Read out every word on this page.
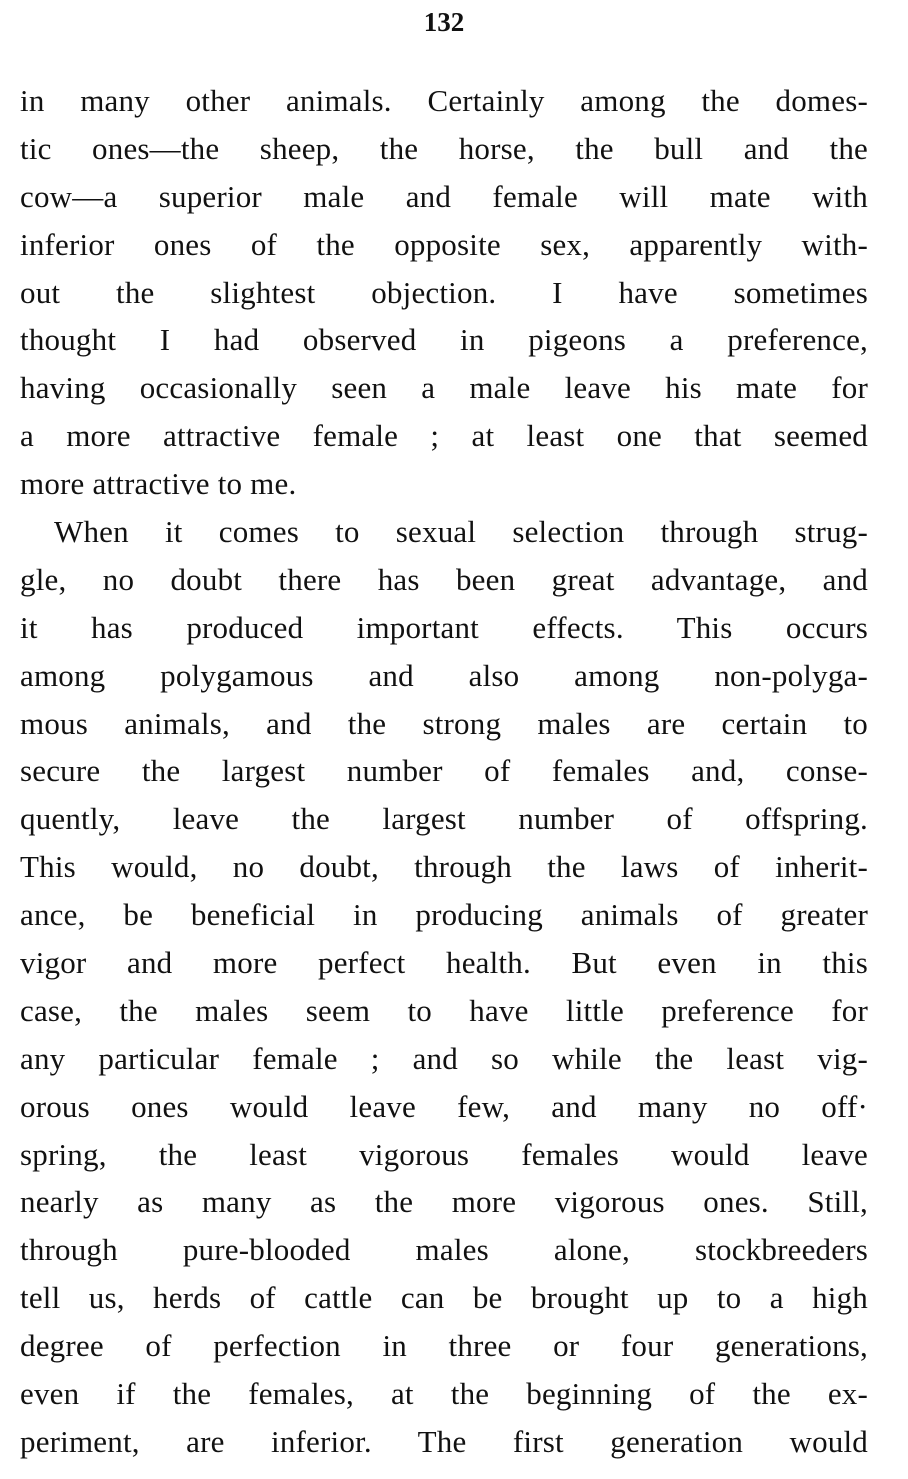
132
in many other animals. Certainly among the domes-
tic ones—the sheep, the horse, the bull and the
cow—a superior male and female will mate with
inferior ones of the opposite sex, apparently with-
out the slightest objection. I have sometimes
thought I had observed in pigeons a preference,
having occasionally seen a male leave his mate for
a more attractive female ; at least one that seemed
more attractive to me.
When it comes to sexual selection through strug-
gle, no doubt there has been great advantage, and
it has produced important effects. This occurs
among polygamous and also among non-polyga-
mous animals, and the strong males are certain to
secure the largest number of females and, conse-
quently, leave the largest number of offspring.
This would, no doubt, through the laws of inherit-
ance, be beneficial in producing animals of greater
vigor and more perfect health. But even in this
case, the males seem to have little preference for
any particular female ; and so while the least vig-
orous ones would leave few, and many no off·
spring, the least vigorous females would leave
nearly as many as the more vigorous ones. Still,
through pure-blooded males alone, stockbreeders
tell us, herds of cattle can be brought up to a high
degree of perfection in three or four generations,
even if the females, at the beginning of the ex-
periment, are inferior. The first generation would
